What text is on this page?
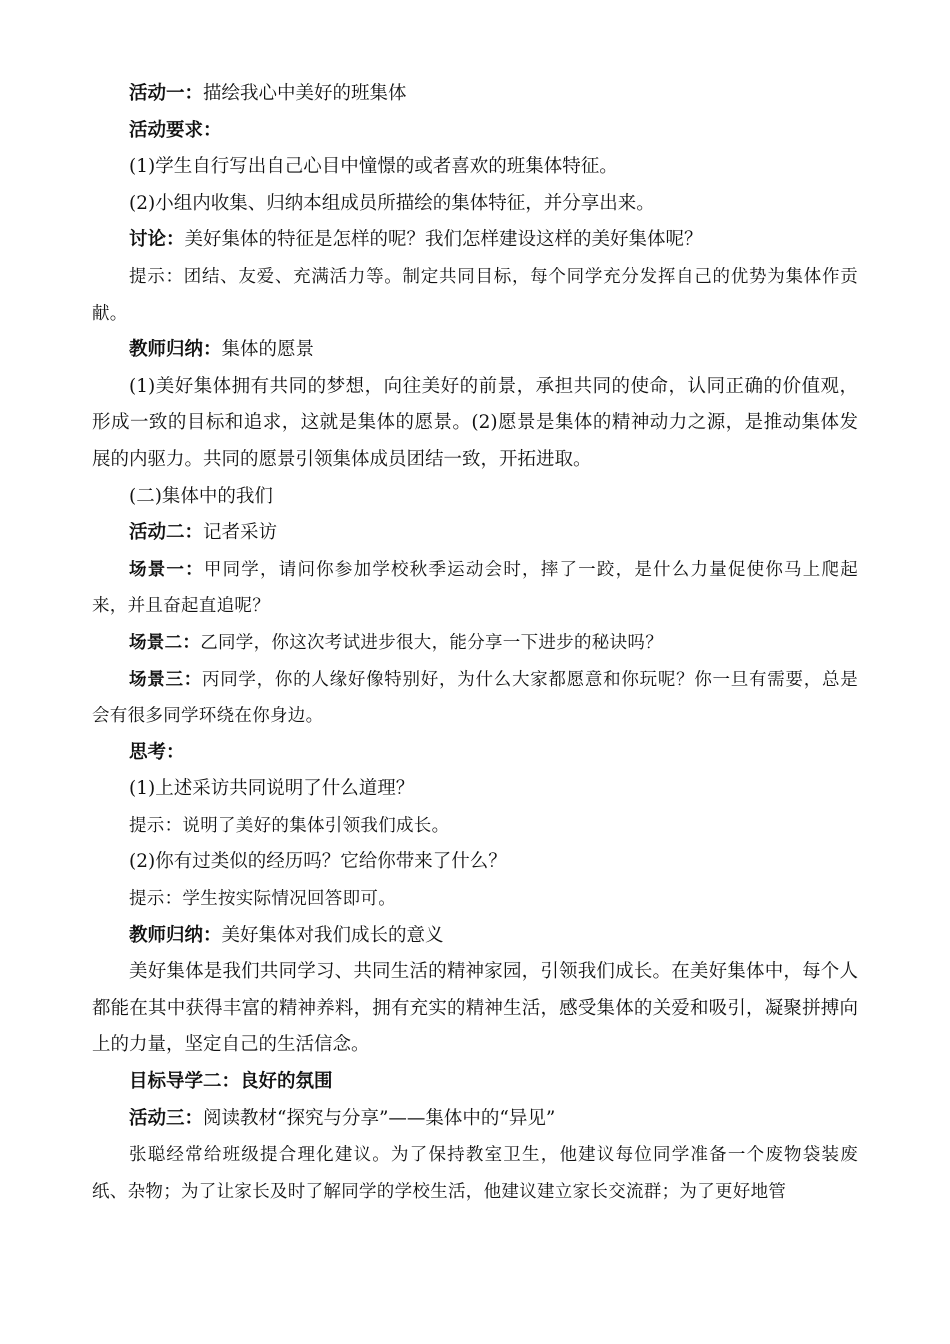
活动一：描绘我心中美好的班集体

活动要求：

(1)学生自行写出自己心目中憧憬的或者喜欢的班集体特征。

(2)小组内收集、归纳本组成员所描绘的集体特征，并分享出来。

讨论：美好集体的特征是怎样的呢？我们怎样建设这样的美好集体呢？

提示：团结、友爱、充满活力等。制定共同目标，每个同学充分发挥自己的优势为集体作贡献。

教师归纳：集体的愿景

(1)美好集体拥有共同的梦想，向往美好的前景，承担共同的使命，认同正确的价值观，形成一致的目标和追求，这就是集体的愿景。(2)愿景是集体的精神动力之源，是推动集体发展的内驱力。共同的愿景引领集体成员团结一致，开拓进取。

(二)集体中的我们

活动二：记者采访

场景一：甲同学，请问你参加学校秋季运动会时，摔了一跤，是什么力量促使你马上爬起来，并且奋起直追呢？

场景二：乙同学，你这次考试进步很大，能分享一下进步的秘诀吗？

场景三：丙同学，你的人缘好像特别好，为什么大家都愿意和你玩呢？你一旦有需要，总是会有很多同学环绕在你身边。

思考：

(1)上述采访共同说明了什么道理？

提示：说明了美好的集体引领我们成长。

(2)你有过类似的经历吗？它给你带来了什么？

提示：学生按实际情况回答即可。

教师归纳：美好集体对我们成长的意义

美好集体是我们共同学习、共同生活的精神家园，引领我们成长。在美好集体中，每个人都能在其中获得丰富的精神养料，拥有充实的精神生活，感受集体的关爱和吸引，凝聚拼搏向上的力量，坚定自己的生活信念。

目标导学二：良好的氛围

活动三：阅读教材“探究与分享”——集体中的“异见”

张聪经常给班级提合理化建议。为了保持教室卫生，他建议每位同学准备一个废物袋装废纸、杂物；为了让家长及时了解同学的学校生活，他建议建立家长交流群；为了更好地管
